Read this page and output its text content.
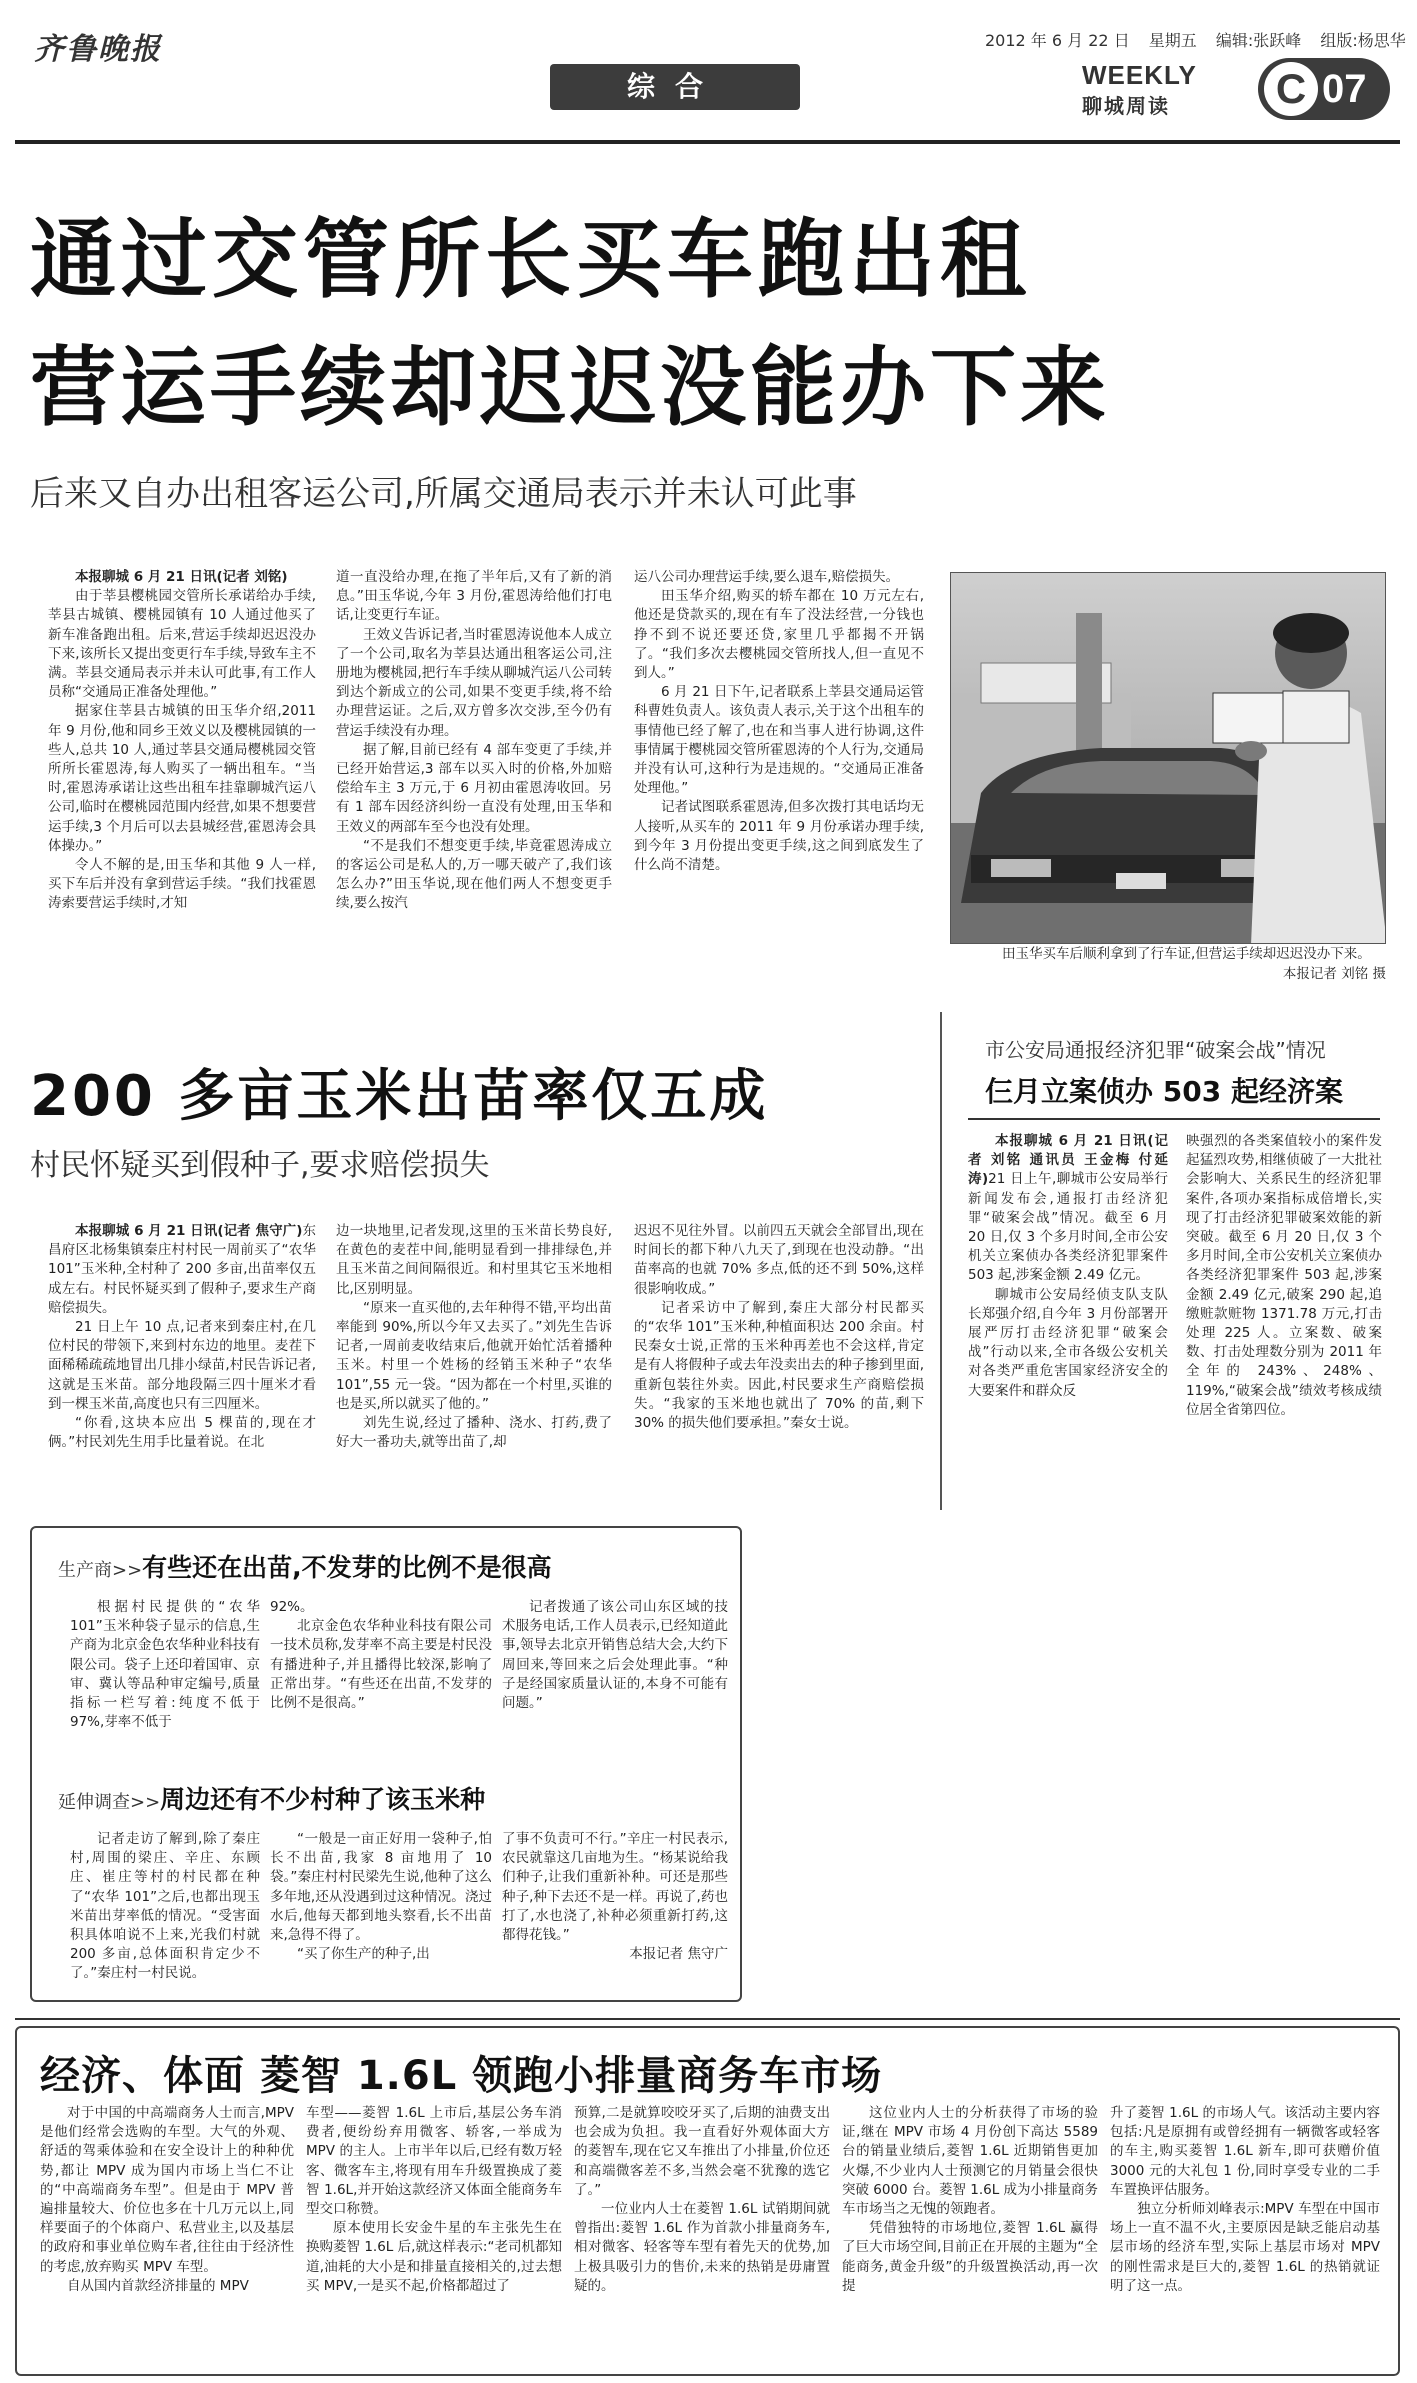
齐鲁晚报	2012 年 6 月 22 日 星期五 编辑:张跃峰 组版:杨思华
综合	WEEKLY
聊城周读	C 07
通过交管所长买车跑出租
营运手续却迟迟没能办下来
后来又自办出租客运公司,所属交通局表示并未认可此事

本报聊城 6 月 21 日讯(记者 刘铭)

由于莘县樱桃园交管所长承诺给办手续,莘县古城镇、樱桃园镇有 10 人通过他买了新车准备跑出租。后来,营运手续却迟迟没办下来,该所长又提出变更行车手续,导致车主不满。莘县交通局表示并未认可此事,有工作人员称“交通局正准备处理他。”

据家住莘县古城镇的田玉华介绍,2011 年 9 月份,他和同乡王效义以及樱桃园镇的一些人,总共 10 人,通过莘县交通局樱桃园交管所所长霍恩涛,每人购买了一辆出租车。“当时,霍恩涛承诺让这些出租车挂靠聊城汽运八公司,临时在樱桃园范围内经营,如果不想要营运手续,3 个月后可以去县城经营,霍恩涛会具体操办。”

令人不解的是,田玉华和其他 9 人一样,买下车后并没有拿到营运手续。“我们找霍恩涛索要营运手续时,才知

道一直没给办理,在拖了半年后,又有了新的消息。”田玉华说,今年 3 月份,霍恩涛给他们打电话,让变更行车证。

王效义告诉记者,当时霍恩涛说他本人成立了一个公司,取名为莘县达通出租客运公司,注册地为樱桃园,把行车手续从聊城汽运八公司转到达个新成立的公司,如果不变更手续,将不给办理营运证。之后,双方曾多次交涉,至今仍有营运手续没有办理。

据了解,目前已经有 4 部车变更了手续,并已经开始营运,3 部车以买入时的价格,外加赔偿给车主 3 万元,于 6 月初由霍恩涛收回。另有 1 部车因经济纠纷一直没有处理,田玉华和王效义的两部车至今也没有处理。

“不是我们不想变更手续,毕竟霍恩涛成立的客运公司是私人的,万一哪天破产了,我们该怎么办?”田玉华说,现在他们两人不想变更手续,要么按汽

运八公司办理营运手续,要么退车,赔偿损失。

田玉华介绍,购买的轿车都在 10 万元左右,他还是贷款买的,现在有车了没法经营,一分钱也挣不到不说还要还贷,家里几乎都揭不开锅了。“我们多次去樱桃园交管所找人,但一直见不到人。”

6 月 21 日下午,记者联系上莘县交通局运管科曹姓负责人。该负责人表示,关于这个出租车的事情他已经了解了,也在和当事人进行协调,这件事情属于樱桃园交管所霍恩涛的个人行为,交通局并没有认可,这种行为是违规的。“交通局正准备处理他。”

记者试图联系霍恩涛,但多次拨打其电话均无人接听,从买车的 2011 年 9 月份承诺办理手续,到今年 3 月份提出变更手续,这之间到底发生了什么尚不清楚。

田玉华买车后顺利拿到了行车证,但营运手续却迟迟没办下来。
本报记者 刘铭 摄
200 多亩玉米出苗率仅五成
村民怀疑买到假种子,要求赔偿损失

本报聊城 6 月 21 日讯(记者 焦守广)东昌府区北杨集镇秦庄村村民一周前买了“农华 101”玉米种,全村种了 200 多亩,出苗率仅五成左右。村民怀疑买到了假种子,要求生产商赔偿损失。

21 日上午 10 点,记者来到秦庄村,在几位村民的带领下,来到村东边的地里。麦茬下面稀稀疏疏地冒出几排小绿苗,村民告诉记者,这就是玉米苗。部分地段隔三四十厘米才看到一棵玉米苗,高度也只有三四厘米。

“你看,这块本应出 5 棵苗的,现在才俩。”村民刘先生用手比量着说。在北

边一块地里,记者发现,这里的玉米苗长势良好,在黄色的麦茬中间,能明显看到一排排绿色,并且玉米苗之间间隔很近。和村里其它玉米地相比,区别明显。

“原来一直买他的,去年种得不错,平均出苗率能到 90%,所以今年又去买了。”刘先生告诉记者,一周前麦收结束后,他就开始忙活着播种玉米。村里一个姓杨的经销玉米种子“农华 101”,55 元一袋。“因为都在一个村里,买谁的也是买,所以就买了他的。”

刘先生说,经过了播种、浇水、打药,费了好大一番功夫,就等出苗了,却

迟迟不见往外冒。以前四五天就会全部冒出,现在时间长的都下种八九天了,到现在也没动静。“出苗率高的也就 70% 多点,低的还不到 50%,这样很影响收成。”

记者采访中了解到,秦庄大部分村民都买的“农华 101”玉米种,种植面积达 200 余亩。村民秦女士说,正常的玉米种再差也不会这样,肯定是有人将假种子或去年没卖出去的种子掺到里面,重新包装往外卖。因此,村民要求生产商赔偿损失。“我家的玉米地也就出了 70% 的苗,剩下 30% 的损失他们要承担。”秦女士说。

市公安局通报经济犯罪“破案会战”情况
仨月立案侦办 503 起经济案

本报聊城 6 月 21 日讯(记者 刘铭 通讯员 王金梅 付延涛)21 日上午,聊城市公安局举行新闻发布会,通报打击经济犯罪“破案会战”情况。截至 6 月 20 日,仅 3 个多月时间,全市公安机关立案侦办各类经济犯罪案件 503 起,涉案金额 2.49 亿元。

聊城市公安局经侦支队支队长郑强介绍,自今年 3 月份部署开展严厉打击经济犯罪“破案会战”行动以来,全市各级公安机关对各类严重危害国家经济安全的大要案件和群众反

映强烈的各类案值较小的案件发起猛烈攻势,相继侦破了一大批社会影响大、关系民生的经济犯罪案件,各项办案指标成倍增长,实现了打击经济犯罪破案效能的新突破。截至 6 月 20 日,仅 3 个多月时间,全市公安机关立案侦办各类经济犯罪案件 503 起,涉案金额 2.49 亿元,破案 290 起,追缴赃款赃物 1371.78 万元,打击处理 225 人。立案数、破案数、打击处理数分别为 2011 年全年的 243%、248%、119%,“破案会战”绩效考核成绩位居全省第四位。

生产商>>有些还在出苗,不发芽的比例不是很高

根据村民提供的“农华 101”玉米种袋子显示的信息,生产商为北京金色农华种业科技有限公司。袋子上还印着国审、京审、冀认等品种审定编号,质量指标一栏写着:纯度不低于 97%,芽率不低于

92%。

北京金色农华种业科技有限公司一技术员称,发芽率不高主要是村民没有播进种子,并且播得比较深,影响了正常出芽。“有些还在出苗,不发芽的比例不是很高。”

记者拨通了该公司山东区域的技术服务电话,工作人员表示,已经知道此事,领导去北京开销售总结大会,大约下周回来,等回来之后会处理此事。“种子是经国家质量认证的,本身不可能有问题。”

延伸调查>>周边还有不少村种了该玉米种

记者走访了解到,除了秦庄村,周围的梁庄、辛庄、东顾庄、崔庄等村的村民都在种了“农华 101”之后,也都出现玉米苗出芽率低的情况。“受害面积具体咱说不上来,光我们村就 200 多亩,总体面积肯定少不了。”秦庄村一村民说。

“一般是一亩正好用一袋种子,怕长不出苗,我家 8 亩地用了 10 袋。”秦庄村村民梁先生说,他种了这么多年地,还从没遇到过这种情况。浇过水后,他每天都到地头察看,长不出苗来,急得不得了。

“买了你生产的种子,出

了事不负责可不行。”辛庄一村民表示,农民就靠这几亩地为生。“杨某说给我们种子,让我们重新补种。可还是那些种子,种下去还不是一样。再说了,药也打了,水也浇了,补种必须重新打药,这都得花钱。”

本报记者 焦守广

经济、体面 菱智 1.6L 领跑小排量商务车市场

对于中国的中高端商务人士而言,MPV 是他们经常会选购的车型。大气的外观、舒适的驾乘体验和在安全设计上的种种优势,都让 MPV 成为国内市场上当仁不让的“中高端商务车型”。但是由于 MPV 普遍排量较大、价位也多在十几万元以上,同样要面子的个体商户、私营业主,以及基层的政府和事业单位购车者,往往由于经济性的考虑,放弃购买 MPV 车型。

自从国内首款经济排量的 MPV

车型——菱智 1.6L 上市后,基层公务车消费者,便纷纷弃用微客、轿客,一举成为 MPV 的主人。上市半年以后,已经有数万轻客、微客车主,将现有用车升级置换成了菱智 1.6L,并开始这款经济又体面全能商务车型交口称赞。

原本使用长安金牛星的车主张先生在换购菱智 1.6L 后,就这样表示:“老司机都知道,油耗的大小是和排量直接相关的,过去想买 MPV,一是买不起,价格都超过了

预算,二是就算咬咬牙买了,后期的油费支出也会成为负担。我一直看好外观体面大方的菱智车,现在它又车推出了小排量,价位还和高端微客差不多,当然会毫不犹豫的选它了。”

一位业内人士在菱智 1.6L 试销期间就曾指出:菱智 1.6L 作为首款小排量商务车,相对微客、轻客等车型有着先天的优势,加上极具吸引力的售价,未来的热销是毋庸置疑的。

这位业内人士的分析获得了市场的验证,继在 MPV 市场 4 月份创下高达 5589 台的销量业绩后,菱智 1.6L 近期销售更加火爆,不少业内人士预测它的月销量会很快突破 6000 台。菱智 1.6L 成为小排量商务车市场当之无愧的领跑者。

凭借独特的市场地位,菱智 1.6L 赢得了巨大市场空间,目前正在开展的主题为“全能商务,黄金升级”的升级置换活动,再一次提

升了菱智 1.6L 的市场人气。该活动主要内容包括:凡是原拥有或曾经拥有一辆微客或轻客的车主,购买菱智 1.6L 新车,即可获赠价值 3000 元的大礼包 1 份,同时享受专业的二手车置换评估服务。

独立分析师刘峰表示:MPV 车型在中国市场上一直不温不火,主要原因是缺乏能启动基层市场的经济车型,实际上基层市场对 MPV 的刚性需求是巨大的,菱智 1.6L 的热销就证明了这一点。
